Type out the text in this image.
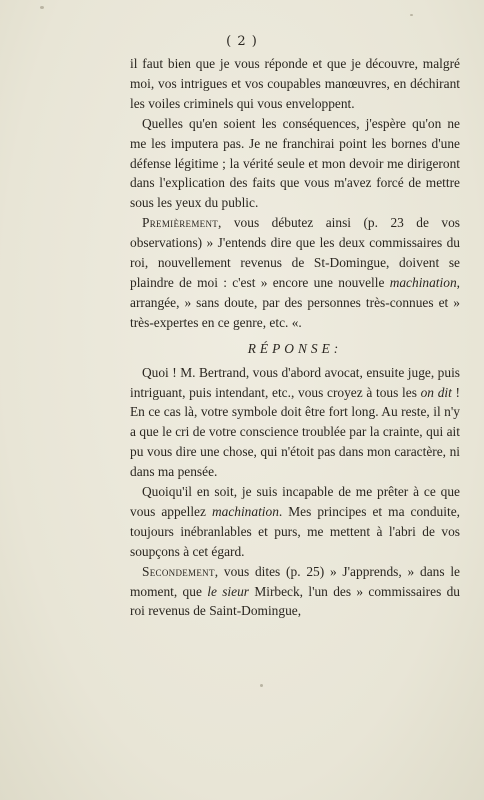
( 2 )

il faut bien que je vous réponde et que je découvre, malgré moi, vos intrigues et vos coupables manœuvres, en déchirant les voiles criminels qui vous enveloppent.

Quelles qu'en soient les conséquences, j'espère qu'on ne me les imputera pas. Je ne franchirai point les bornes d'une défense légitime ; la vérité seule et mon devoir me dirigeront dans l'explication des faits que vous m'avez forcé de mettre sous les yeux du public.

Premièrement, vous débutez ainsi (p. 23 de vos observations) » J'entends dire que les deux commissaires du roi, nouvellement revenus de St-Domingue, doivent se plaindre de moi : c'est » encore une nouvelle machination, arrangée, » sans doute, par des personnes très-connues et » très-expertes en ce genre, etc. «.

RÉPONSE:

Quoi ! M. Bertrand, vous d'abord avocat, ensuite juge, puis intriguant, puis intendant, etc., vous croyez à tous les on dit ! En ce cas là, votre symbole doit être fort long. Au reste, il n'y a que le cri de votre conscience troublée par la crainte, qui ait pu vous dire une chose, qui n'étoit pas dans mon caractère, ni dans ma pensée.

Quoiqu'il en soit, je suis incapable de me prêter à ce que vous appellez machination. Mes principes et ma conduite, toujours inébranlables et purs, me mettent à l'abri de vos soupçons à cet égard.

Secondement, vous dites (p. 25) » J'apprends, » dans le moment, que le sieur Mirbeck, l'un des » commissaires du roi revenus de Saint-Domingue,
